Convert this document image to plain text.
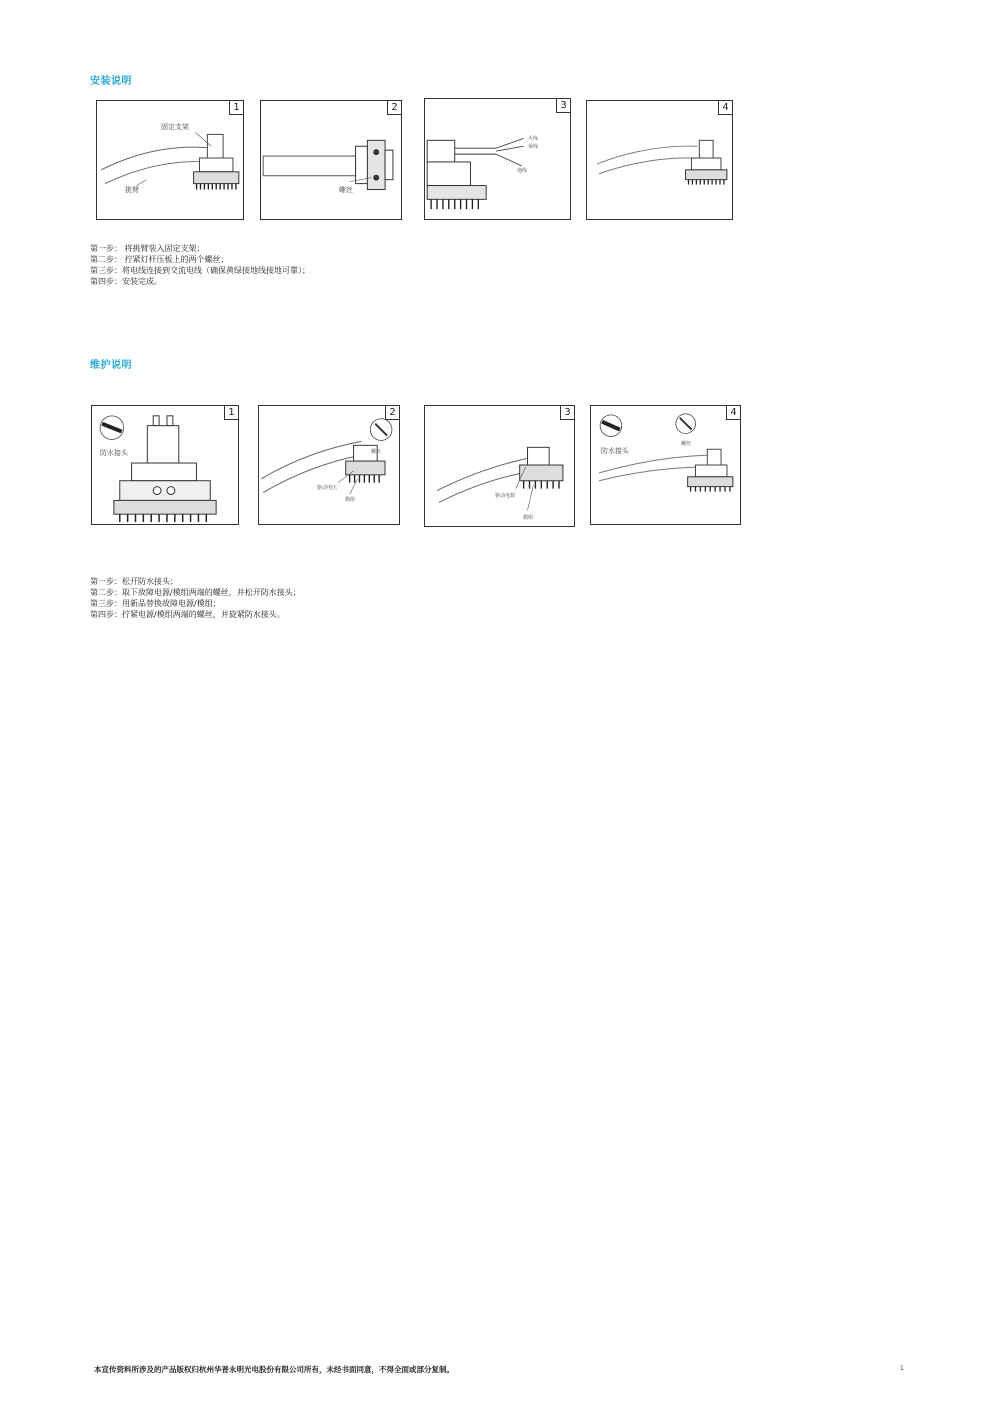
安装说明
1
固定支架
挑臂
2
螺丝
3
火线
零线
地线
4
第一步： 将挑臂装入固定支架；
第二步： 拧紧灯杆压板上的两个螺丝；
第三步：将电线连接到交流电线（确保黄绿接地线接地可靠）；
第四步：安装完成。
维护说明
1
防水接头
2
螺丝
驱动电压
模组
3
驱动电源
模组
4
防水接头
螺丝
第一步：松开防水接头；
第二步：取下故障电源/模组两端的螺丝，并松开防水接头；
第三步：用新品替换故障电源/模组；
第四步：拧紧电源/模组两端的螺丝，并旋紧防水接头。
本宣传资料所涉及的产品版权归杭州华普永明光电股份有限公司所有，未经书面同意，不得全面或部分复制。	1
